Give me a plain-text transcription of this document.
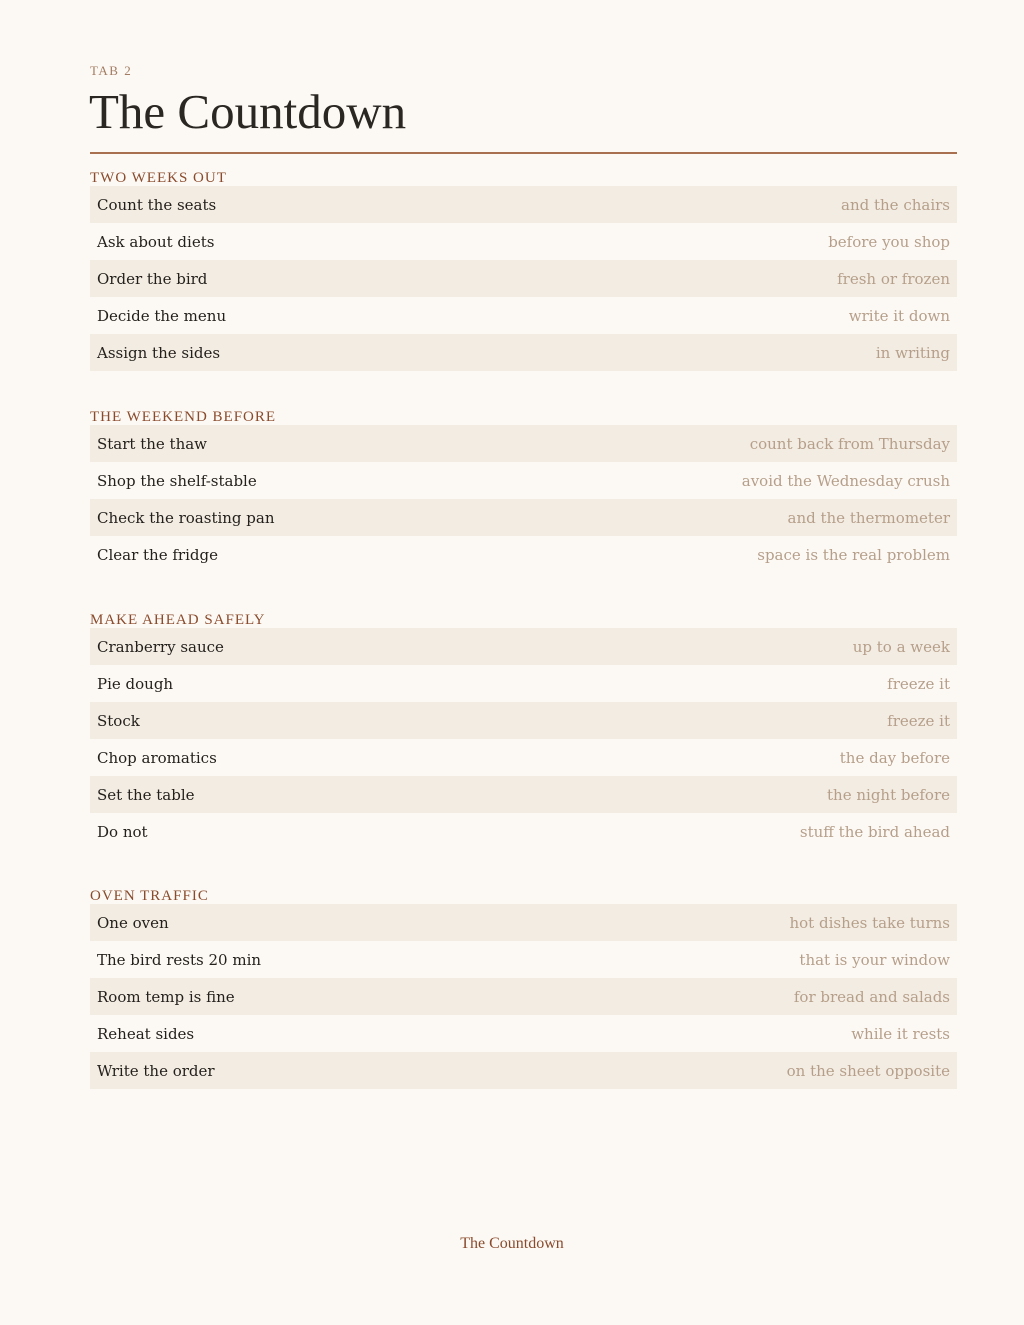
TAB 2
The Countdown
TWO WEEKS OUT
Count the seats	and the chairs
Ask about diets	before you shop
Order the bird	fresh or frozen
Decide the menu	write it down
Assign the sides	in writing
THE WEEKEND BEFORE
Start the thaw	count back from Thursday
Shop the shelf-stable	avoid the Wednesday crush
Check the roasting pan	and the thermometer
Clear the fridge	space is the real problem
MAKE AHEAD SAFELY
Cranberry sauce	up to a week
Pie dough	freeze it
Stock	freeze it
Chop aromatics	the day before
Set the table	the night before
Do not	stuff the bird ahead
OVEN TRAFFIC
One oven	hot dishes take turns
The bird rests 20 min	that is your window
Room temp is fine	for bread and salads
Reheat sides	while it rests
Write the order	on the sheet opposite
The Countdown
